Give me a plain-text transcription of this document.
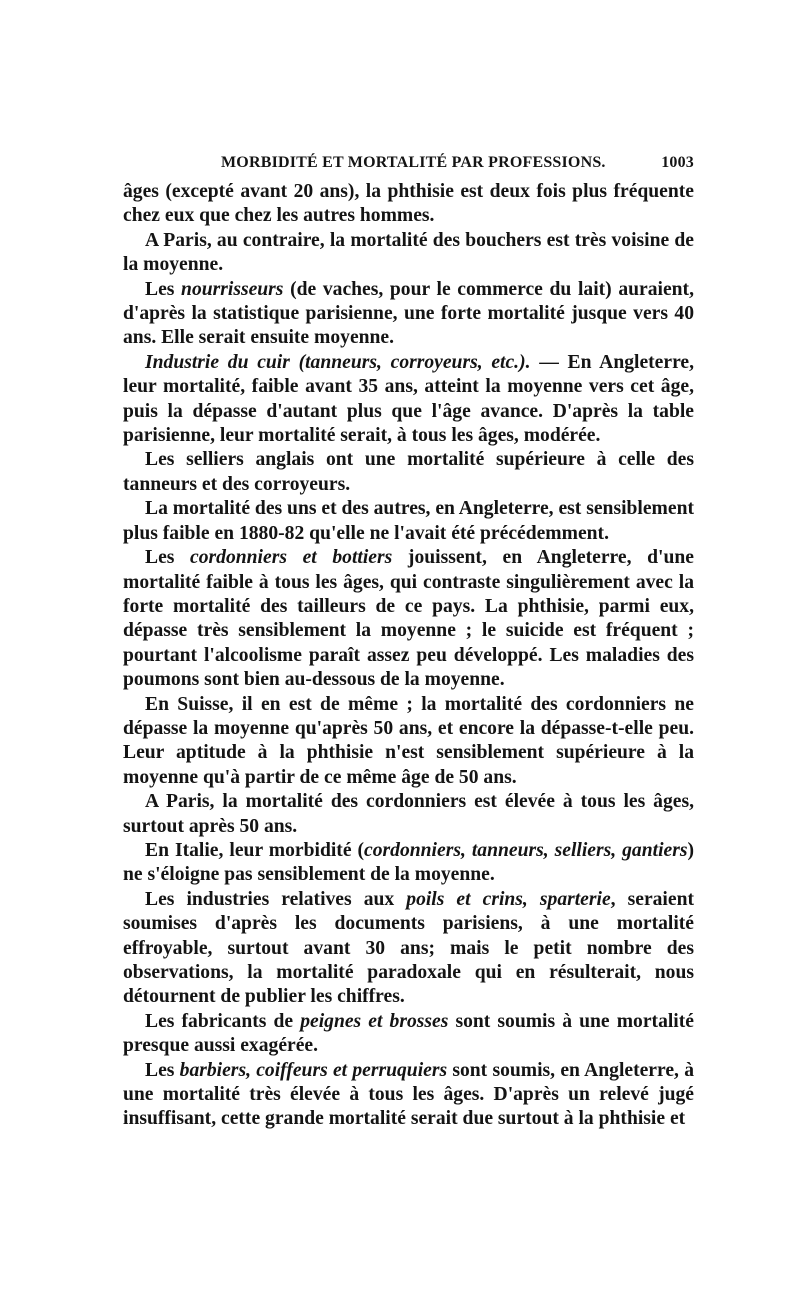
MORBIDITÉ ET MORTALITÉ PAR PROFESSIONS.	1003

âges (excepté avant 20 ans), la phthisie est deux fois plus fréquente chez eux que chez les autres hommes.

A Paris, au contraire, la mortalité des bouchers est très voisine de la moyenne.

Les nourrisseurs (de vaches, pour le commerce du lait) auraient, d'après la statistique parisienne, une forte mortalité jusque vers 40 ans. Elle serait ensuite moyenne.

Industrie du cuir (tanneurs, corroyeurs, etc.). — En Angleterre, leur mortalité, faible avant 35 ans, atteint la moyenne vers cet âge, puis la dépasse d'autant plus que l'âge avance. D'après la table parisienne, leur mortalité serait, à tous les âges, modérée.

Les selliers anglais ont une mortalité supérieure à celle des tanneurs et des corroyeurs.

La mortalité des uns et des autres, en Angleterre, est sensiblement plus faible en 1880-82 qu'elle ne l'avait été précédemment.

Les cordonniers et bottiers jouissent, en Angleterre, d'une mortalité faible à tous les âges, qui contraste singulièrement avec la forte mortalité des tailleurs de ce pays. La phthisie, parmi eux, dépasse très sensiblement la moyenne ; le suicide est fréquent ; pourtant l'alcoolisme paraît assez peu développé. Les maladies des poumons sont bien au-dessous de la moyenne.

En Suisse, il en est de même ; la mortalité des cordonniers ne dépasse la moyenne qu'après 50 ans, et encore la dépasse-t-elle peu. Leur aptitude à la phthisie n'est sensiblement supérieure à la moyenne qu'à partir de ce même âge de 50 ans.

A Paris, la mortalité des cordonniers est élevée à tous les âges, surtout après 50 ans.

En Italie, leur morbidité (cordonniers, tanneurs, selliers, gantiers) ne s'éloigne pas sensiblement de la moyenne.

Les industries relatives aux poils et crins, sparterie, seraient soumises d'après les documents parisiens, à une mortalité effroyable, surtout avant 30 ans; mais le petit nombre des observations, la mortalité paradoxale qui en résulterait, nous détournent de publier les chiffres.

Les fabricants de peignes et brosses sont soumis à une mortalité presque aussi exagérée.

Les barbiers, coiffeurs et perruquiers sont soumis, en Angleterre, à une mortalité très élevée à tous les âges. D'après un relevé jugé insuffisant, cette grande mortalité serait due surtout à la phthisie et
